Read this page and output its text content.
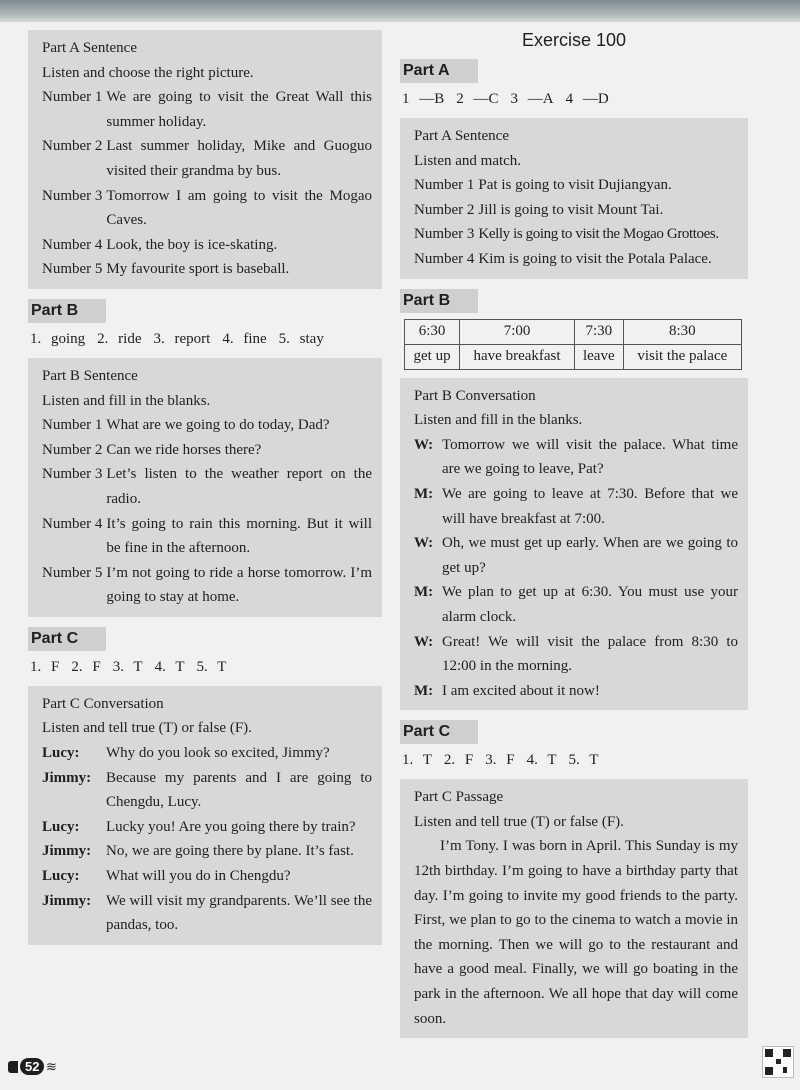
Part A Sentence

Listen and choose the right picture.

Number 1 We are going to visit the Great Wall this summer holiday.
Number 2 Last summer holiday, Mike and Guoguo visited their grandma by bus.
Number 3 Tomorrow I am going to visit the Mogao Caves.
Number 4 Look, the boy is ice-skating.
Number 5 My favourite sport is baseball.
Part B
1. going 2. ride 3. report 4. fine 5. stay

Part B Sentence

Listen and fill in the blanks.

Number 1 What are we going to do today, Dad?
Number 2 Can we ride horses there?
Number 3 Let’s listen to the weather report on the radio.
Number 4 It’s going to rain this morning. But it will be fine in the afternoon.
Number 5 I’m not going to ride a horse tomorrow. I’m going to stay at home.
Part C
1. F 2. F 3. T 4. T 5. T

Part C Conversation

Listen and tell true (T) or false (F).

Lucy:	Why do you look so excited, Jimmy?
Jimmy: Because my parents and I are going to Chengdu, Lucy.
Lucy:	Lucky you! Are you going there by train?
Jimmy: No, we are going there by plane. It’s fast.
Lucy:	What will you do in Chengdu?
Jimmy: We will visit my grandparents. We’ll see the pandas, too.

Exercise 100

Part A
1 —B 2 —C 3 —A 4 —D

Part A Sentence

Listen and match.

Number 1 Pat is going to visit Dujiangyan.
Number 2 Jill is going to visit Mount Tai.
Number 3 Kelly is going to visit the Mogao Grottoes.
Number 4 Kim is going to visit the Potala Palace.
Part B
6:30	7:00	7:30	8:30
get up	have breakfast	leave	visit the palace

Part B Conversation

Listen and fill in the blanks.

W: Tomorrow we will visit the palace. What time are we going to leave, Pat?
M: We are going to leave at 7:30. Before that we will have breakfast at 7:00.
W: Oh, we must get up early. When are we going to get up?
M: We plan to get up at 6:30. You must use your alarm clock.
W: Great! We will visit the palace from 8:30 to 12:00 in the morning.
M: I am excited about it now!
Part C
1. T 2. F 3. F 4. T 5. T

Part C Passage

Listen and tell true (T) or false (F).

I’m Tony. I was born in April. This Sunday is my 12th birthday. I’m going to have a birthday party that day. I’m going to invite my good friends to the party. First, we plan to go to the cinema to watch a movie in the morning. Then we will go to the restaurant and have a good meal. Finally, we will go boating in the park in the afternoon. We all hope that day will come soon.

52 ≋
